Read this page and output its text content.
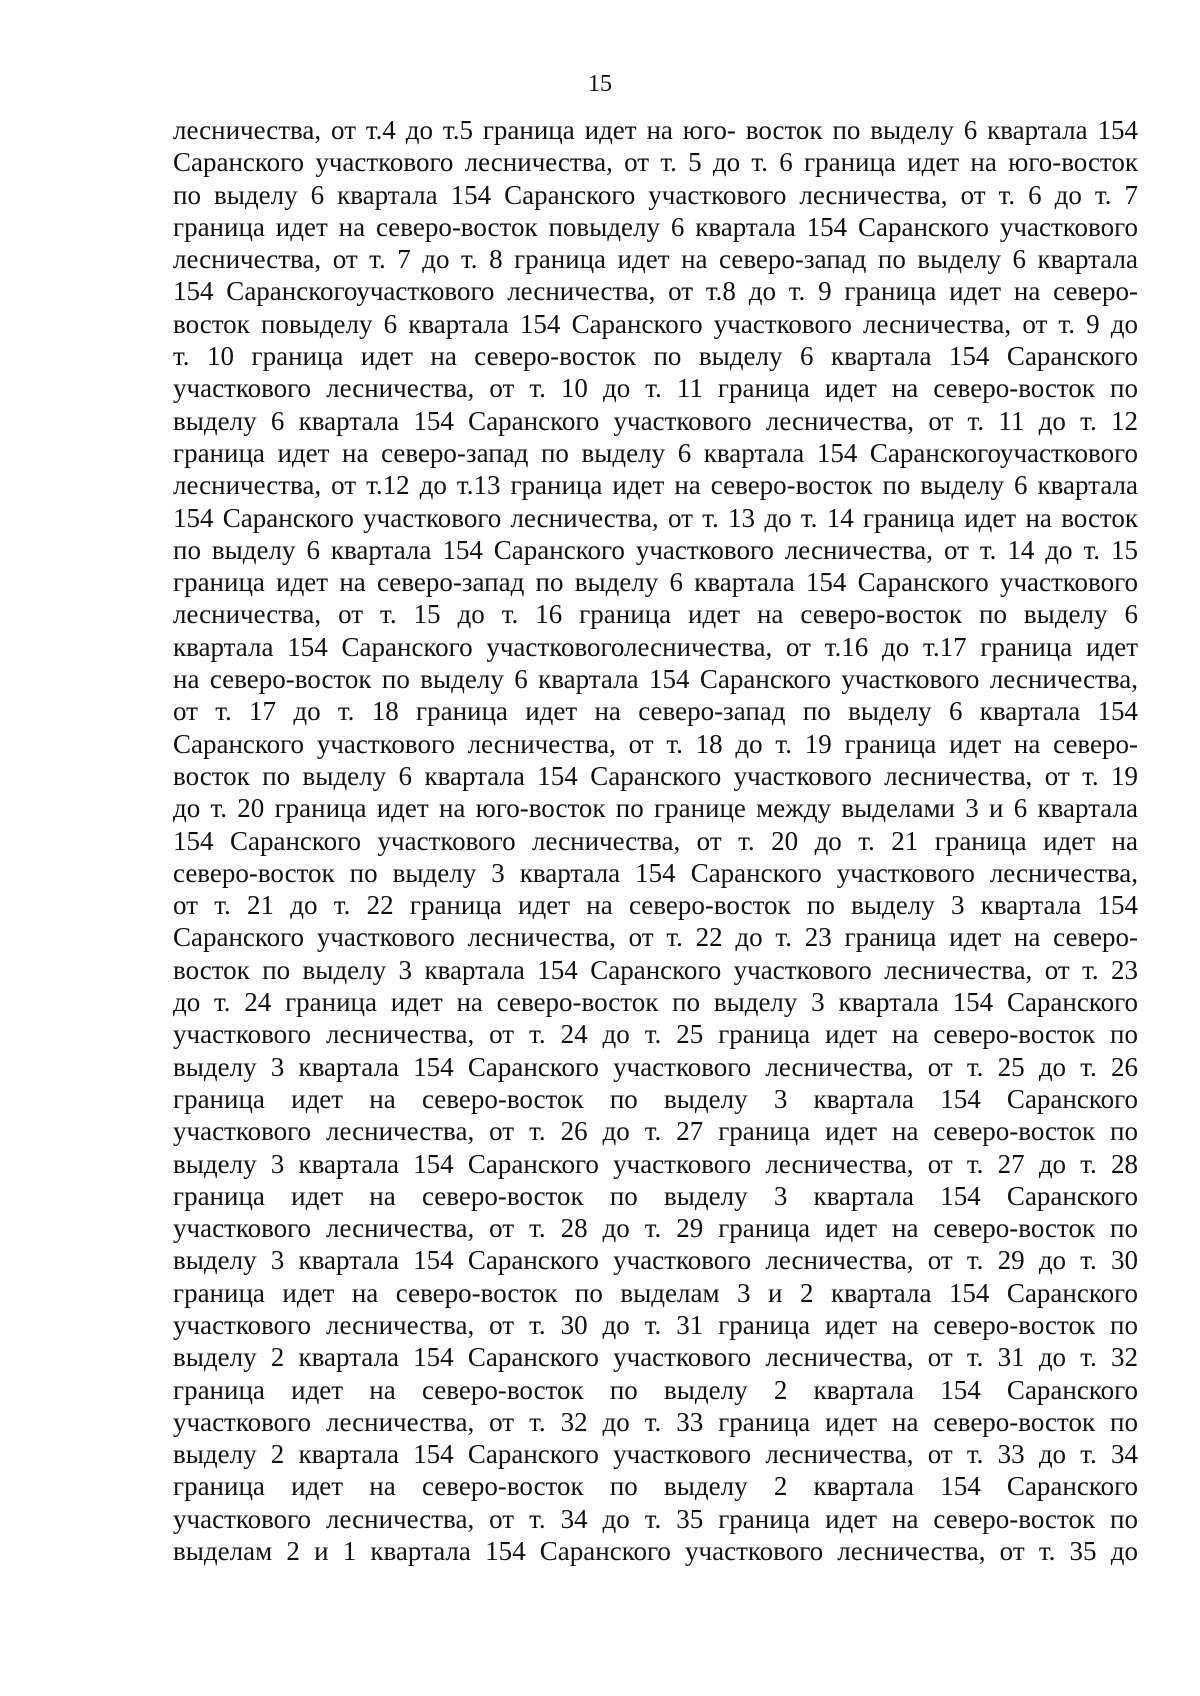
15
лесничества, от т.4 до т.5 граница идет на юго- восток по выделу 6 квартала 154
Саранского участкового лесничества, от т. 5 до т. 6 граница идет на юго-восток
по выделу 6 квартала 154 Саранского участкового лесничества, от т. 6 до т. 7
граница идет на северо-восток повыделу 6 квартала 154 Саранского участкового
лесничества, от т. 7 до т. 8 граница идет на северо-запад по выделу 6 квартала
154 Саранскогоучасткового лесничества, от т.8 до т. 9 граница идет на северо-
восток повыделу 6 квартала 154 Саранского участкового лесничества, от т. 9 до
т. 10 граница идет на северо-восток по выделу 6 квартала 154 Саранского
участкового лесничества, от т. 10 до т. 11 граница идет на северо-восток по
выделу 6 квартала 154 Саранского участкового лесничества, от т. 11 до т. 12
граница идет на северо-запад по выделу 6 квартала 154 Саранскогоучасткового
лесничества, от т.12 до т.13 граница идет на северо-восток по выделу 6 квартала
154 Саранского участкового лесничества, от т. 13 до т. 14 граница идет на восток
по выделу 6 квартала 154 Саранского участкового лесничества, от т. 14 до т. 15
граница идет на северо-запад по выделу 6 квартала 154 Саранского участкового
лесничества, от т. 15 до т. 16 граница идет на северо-восток по выделу 6
квартала 154 Саранского участковоголесничества, от т.16 до т.17 граница идет
на северо-восток по выделу 6 квартала 154 Саранского участкового лесничества,
от т. 17 до т. 18 граница идет на северо-запад по выделу 6 квартала 154
Саранского участкового лесничества, от т. 18 до т. 19 граница идет на северо-
восток по выделу 6 квартала 154 Саранского участкового лесничества, от т. 19
до т. 20 граница идет на юго-восток по границе между выделами 3 и 6 квартала
154 Саранского участкового лесничества, от т. 20 до т. 21 граница идет на
северо-восток по выделу 3 квартала 154 Саранского участкового лесничества,
от т. 21 до т. 22 граница идет на северо-восток по выделу 3 квартала 154
Саранского участкового лесничества, от т. 22 до т. 23 граница идет на северо-
восток по выделу 3 квартала 154 Саранского участкового лесничества, от т. 23
до т. 24 граница идет на северо-восток по выделу 3 квартала 154 Саранского
участкового лесничества, от т. 24 до т. 25 граница идет на северо-восток по
выделу 3 квартала 154 Саранского участкового лесничества, от т. 25 до т. 26
граница идет на северо-восток по выделу 3 квартала 154 Саранского
участкового лесничества, от т. 26 до т. 27 граница идет на северо-восток по
выделу 3 квартала 154 Саранского участкового лесничества, от т. 27 до т. 28
граница идет на северо-восток по выделу 3 квартала 154 Саранского
участкового лесничества, от т. 28 до т. 29 граница идет на северо-восток по
выделу 3 квартала 154 Саранского участкового лесничества, от т. 29 до т. 30
граница идет на северо-восток по выделам 3 и 2 квартала 154 Саранского
участкового лесничества, от т. 30 до т. 31 граница идет на северо-восток по
выделу 2 квартала 154 Саранского участкового лесничества, от т. 31 до т. 32
граница идет на северо-восток по выделу 2 квартала 154 Саранского
участкового лесничества, от т. 32 до т. 33 граница идет на северо-восток по
выделу 2 квартала 154 Саранского участкового лесничества, от т. 33 до т. 34
граница идет на северо-восток по выделу 2 квартала 154 Саранского
участкового лесничества, от т. 34 до т. 35 граница идет на северо-восток по
выделам 2 и 1 квартала 154 Саранского участкового лесничества, от т. 35 до
